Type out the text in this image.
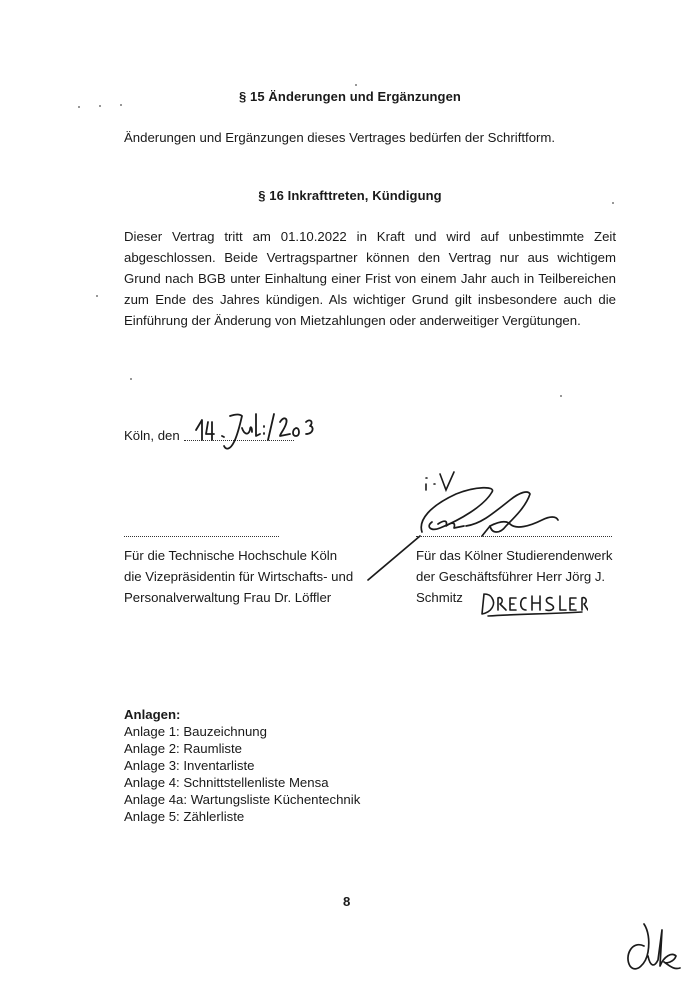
§ 15 Änderungen und Ergänzungen
Änderungen und Ergänzungen dieses Vertrages bedürfen der Schriftform.
§ 16 Inkrafttreten, Kündigung
Dieser Vertrag tritt am 01.10.2022 in Kraft und wird auf unbestimmte Zeit abgeschlossen. Beide Vertragspartner können den Vertrag nur aus wichtigem Grund nach BGB unter Einhaltung einer Frist von einem Jahr auch in Teilbereichen zum Ende des Jahres kündigen. Als wichtiger Grund gilt insbesondere auch die Einführung der Änderung von Mietzahlungen oder anderweitiger Vergütungen.
Köln, den
Für die Technische Hochschule Köln
die Vizepräsidentin für Wirtschafts- und
Personalverwaltung Frau Dr. Löffler
Für das Kölner Studierendenwerk
der Geschäftsführer Herr Jörg J.
Schmitz
Anlagen:
Anlage 1: Bauzeichnung
Anlage 2: Raumliste
Anlage 3: Inventarliste
Anlage 4: Schnittstellenliste Mensa
Anlage 4a: Wartungsliste Küchentechnik
Anlage 5: Zählerliste
8
